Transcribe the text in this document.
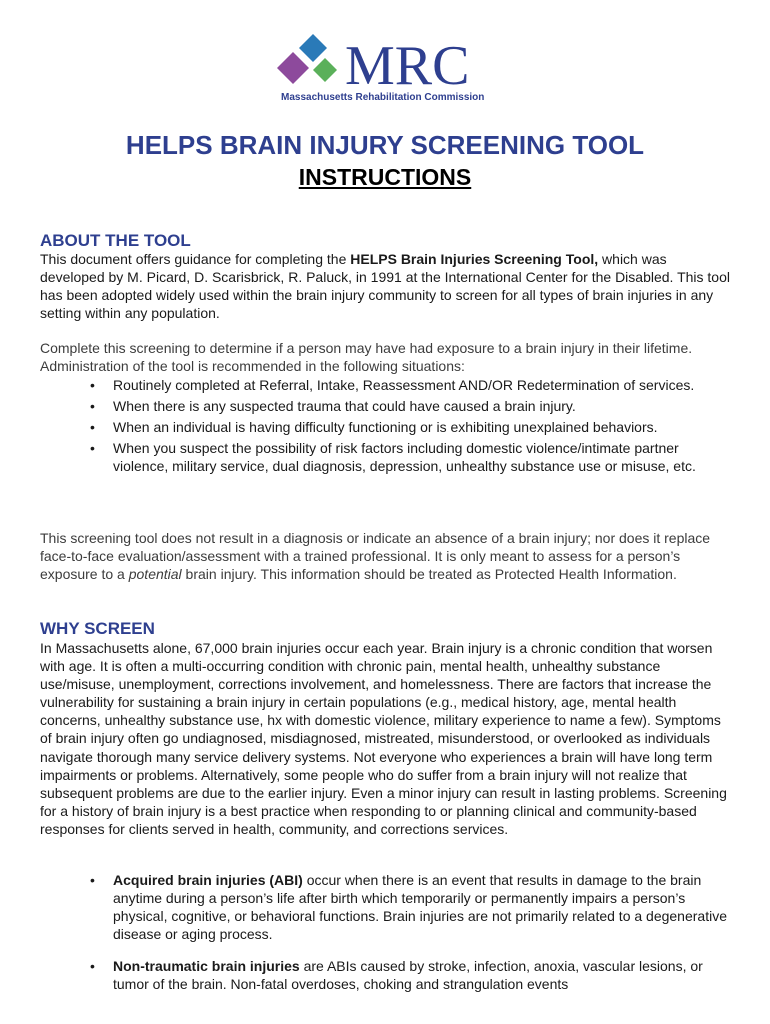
MRC
Massachusetts Rehabilitation Commission
HELPS BRAIN INJURY SCREENING TOOL
INSTRUCTIONS
ABOUT THE TOOL
This document offers guidance for completing the HELPS Brain Injuries Screening Tool, which was developed by M. Picard, D. Scarisbrick, R. Paluck, in 1991 at the International Center for the Disabled. This tool has been adopted widely used within the brain injury community to screen for all types of brain injuries in any setting within any population.
Complete this screening to determine if a person may have had exposure to a brain injury in their lifetime. Administration of the tool is recommended in the following situations:
• Routinely completed at Referral, Intake, Reassessment AND/OR Redetermination of services.
• When there is any suspected trauma that could have caused a brain injury.
• When an individual is having difficulty functioning or is exhibiting unexplained behaviors.
• When you suspect the possibility of risk factors including domestic violence/intimate partner violence, military service, dual diagnosis, depression, unhealthy substance use or misuse, etc.
This screening tool does not result in a diagnosis or indicate an absence of a brain injury; nor does it replace face-to-face evaluation/assessment with a trained professional. It is only meant to assess for a person’s exposure to a potential brain injury. This information should be treated as Protected Health Information.
WHY SCREEN
In Massachusetts alone, 67,000 brain injuries occur each year. Brain injury is a chronic condition that worsen with age. It is often a multi-occurring condition with chronic pain, mental health, unhealthy substance use/misuse, unemployment, corrections involvement, and homelessness. There are factors that increase the vulnerability for sustaining a brain injury in certain populations (e.g., medical history, age, mental health concerns, unhealthy substance use, hx with domestic violence, military experience to name a few). Symptoms of brain injury often go undiagnosed, misdiagnosed, mistreated, misunderstood, or overlooked as individuals navigate thorough many service delivery systems. Not everyone who experiences a brain will have long term impairments or problems. Alternatively, some people who do suffer from a brain injury will not realize that subsequent problems are due to the earlier injury. Even a minor injury can result in lasting problems. Screening for a history of brain injury is a best practice when responding to or planning clinical and community-based responses for clients served in health, community, and corrections services.
• Acquired brain injuries (ABI) occur when there is an event that results in damage to the brain anytime during a person’s life after birth which temporarily or permanently impairs a person’s physical, cognitive, or behavioral functions. Brain injuries are not primarily related to a degenerative disease or aging process.
• Non-traumatic brain injuries are ABIs caused by stroke, infection, anoxia, vascular lesions, or tumor of the brain. Non-fatal overdoses, choking and strangulation events
